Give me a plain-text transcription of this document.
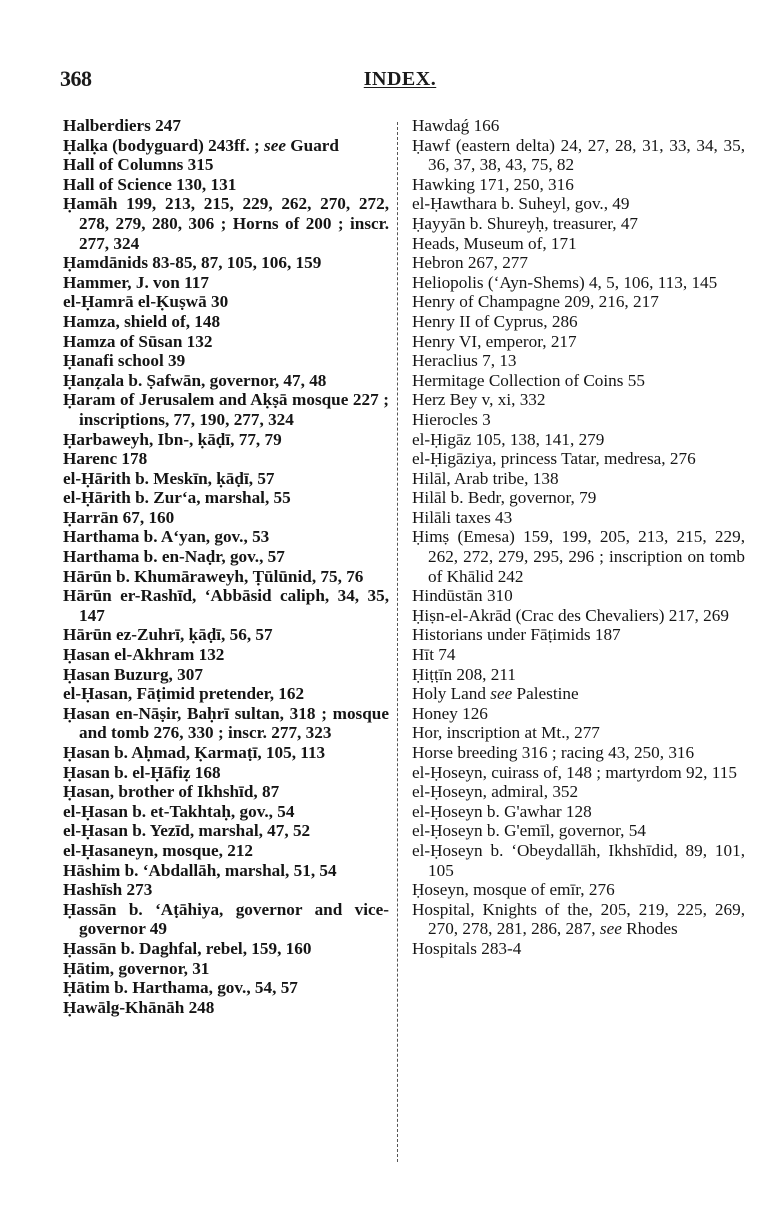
368	INDEX.

Halberdiers 247

Ḥalḳa (bodyguard) 243ff. ; see Guard

Hall of Columns 315

Hall of Science 130, 131

Ḥamāh 199, 213, 215, 229, 262, 270, 272, 278, 279, 280, 306 ; Horns of 200 ; inscr. 277, 324

Ḥamdānids 83-85, 87, 105, 106, 159

Hammer, J. von 117

el-Ḥamrā el-Ḳuṣwā 30

Hamza, shield of, 148

Hamza of Sūsan 132

Ḥanafi school 39

Ḥanẓala b. Ṣafwān, governor, 47, 48

Ḥaram of Jerusalem and Aḳṣā mosque 227 ; inscriptions, 77, 190, 277, 324

Ḥarbaweyh, Ibn-, ḳāḍī, 77, 79

Harenc 178

el-Ḥārith b. Meskīn, ḳāḍī, 57

el-Ḥārith b. Zur‘a, marshal, 55

Ḥarrān 67, 160

Harthama b. A‘yan, gov., 53

Harthama b. en-Naḍr, gov., 57

Hārūn b. Khumāraweyh, Ṭūlūnid, 75, 76

Hārūn er-Rashīd, ‘Abbāsid caliph, 34, 35, 147

Hārūn ez-Zuhrī, ḳāḍī, 56, 57

Ḥasan el-Akhram 132

Ḥasan Buzurg, 307

el-Ḥasan, Fāṭimid pretender, 162

Ḥasan en-Nāṣir, Baḥrī sultan, 318 ; mosque and tomb 276, 330 ; inscr. 277, 323

Ḥasan b. Aḥmad, Ḳarmaṭī, 105, 113

Ḥasan b. el-Ḥāfiẓ 168

Ḥasan, brother of Ikhshīd, 87

el-Ḥasan b. et-Takhtaḥ, gov., 54

el-Ḥasan b. Yezīd, marshal, 47, 52

el-Ḥasaneyn, mosque, 212

Hāshim b. ‘Abdallāh, marshal, 51, 54

Hashīsh 273

Ḥassān b. ‘Aṭāhiya, governor and vice-governor 49

Ḥassān b. Daghfal, rebel, 159, 160

Ḥātim, governor, 31

Ḥātim b. Harthama, gov., 54, 57

Ḥawālg-Khānāh 248

Hawdaǵ 166

Ḥawf (eastern delta) 24, 27, 28, 31, 33, 34, 35, 36, 37, 38, 43, 75, 82

Hawking 171, 250, 316

el-Ḥawthara b. Suheyl, gov., 49

Ḥayyān b. Shureyḥ, treasurer, 47

Heads, Museum of, 171

Hebron 267, 277

Heliopolis (‘Ayn-Shems) 4, 5, 106, 113, 145

Henry of Champagne 209, 216, 217

Henry II of Cyprus, 286

Henry VI, emperor, 217

Heraclius 7, 13

Hermitage Collection of Coins 55

Herz Bey v, xi, 332

Hierocles 3

el-Ḥigāz 105, 138, 141, 279

el-Ḥigāziya, princess Tatar, medresa, 276

Hilāl, Arab tribe, 138

Hilāl b. Bedr, governor, 79

Hilāli taxes 43

Ḥimṣ (Emesa) 159, 199, 205, 213, 215, 229, 262, 272, 279, 295, 296 ; inscription on tomb of Khālid 242

Hindūstān 310

Ḥiṣn-el-Akrād (Crac des Chevaliers) 217, 269

Historians under Fāṭimids 187

Hīt 74

Ḥiṭṭīn 208, 211

Holy Land see Palestine

Honey 126

Hor, inscription at Mt., 277

Horse breeding 316 ; racing 43, 250, 316

el-Ḥoseyn, cuirass of, 148 ; martyrdom 92, 115

el-Ḥoseyn, admiral, 352

el-Ḥoseyn b. G'awhar 128

el-Ḥoseyn b. G'emīl, governor, 54

el-Ḥoseyn b. ‘Obeydallāh, Ikhshīdid, 89, 101, 105

Ḥoseyn, mosque of emīr, 276

Hospital, Knights of the, 205, 219, 225, 269, 270, 278, 281, 286, 287, see Rhodes

Hospitals 283-4
